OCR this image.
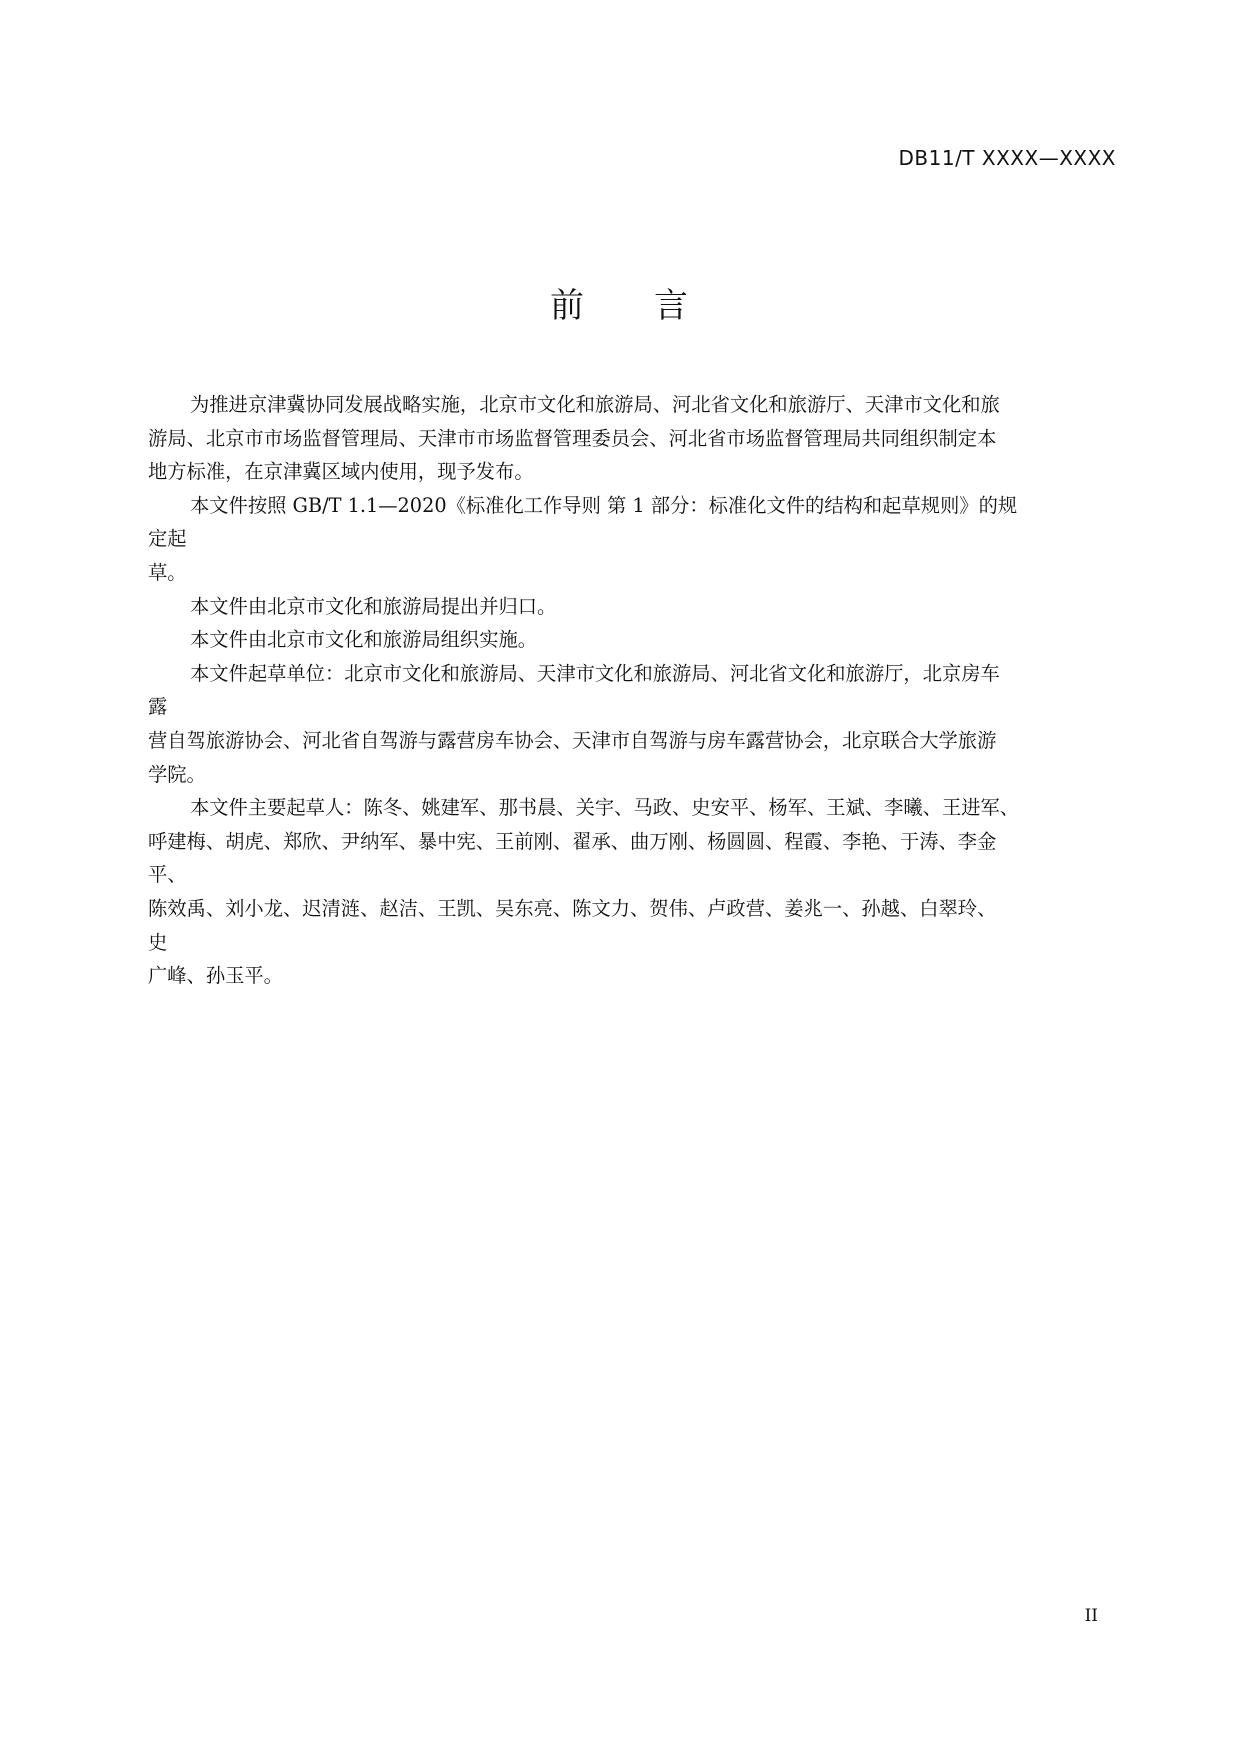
DB11/T XXXX—XXXX
前 言
为推进京津冀协同发展战略实施，北京市文化和旅游局、河北省文化和旅游厅、天津市文化和旅
游局、北京市市场监督管理局、天津市市场监督管理委员会、河北省市场监督管理局共同组织制定本
地方标准，在京津冀区域内使用，现予发布。
本文件按照 GB/T 1.1—2020《标准化工作导则 第 1 部分：标准化文件的结构和起草规则》的规
定起
草。
本文件由北京市文化和旅游局提出并归口。
本文件由北京市文化和旅游局组织实施。
本文件起草单位：北京市文化和旅游局、天津市文化和旅游局、河北省文化和旅游厅，北京房车
露
营自驾旅游协会、河北省自驾游与露营房车协会、天津市自驾游与房车露营协会，北京联合大学旅游
学院。
本文件主要起草人：陈冬、姚建军、那书晨、关宇、马政、史安平、杨军、王斌、李曦、王进军、
呼建梅、胡虎、郑欣、尹纳军、暴中宪、王前刚、翟承、曲万刚、杨圆圆、程霞、李艳、于涛、李金
平、
陈效禹、刘小龙、迟清涟、赵洁、王凯、吴东亮、陈文力、贺伟、卢政营、姜兆一、孙越、白翠玲、
史
广峰、孙玉平。
II
